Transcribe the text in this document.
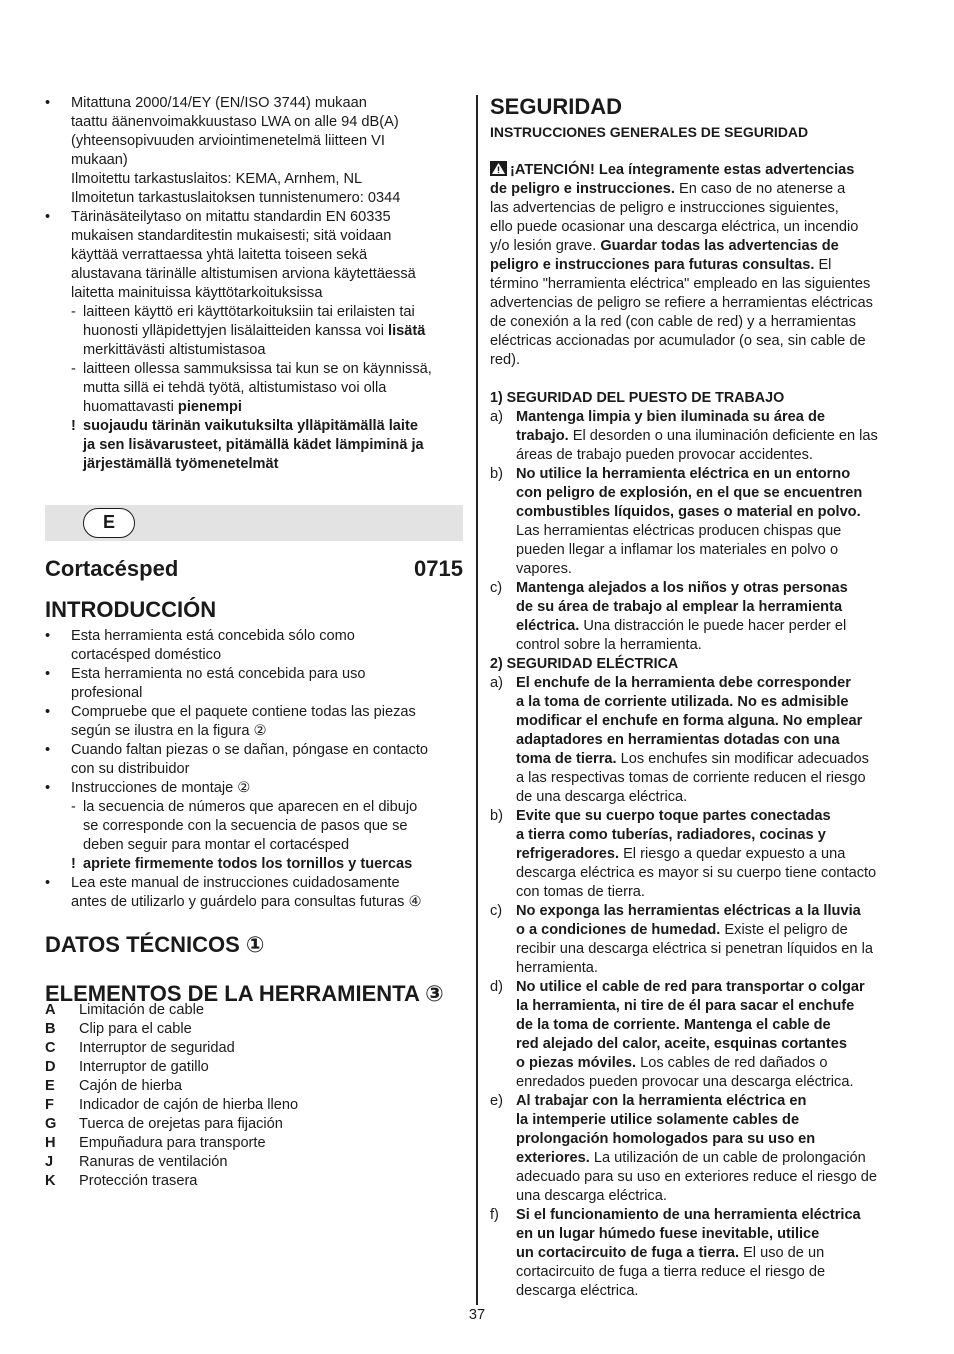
• Mitattuna 2000/14/EY (EN/ISO 3744) mukaan
taattu äänenvoimakkuustaso LWA on alle 94 dB(A)
(yhteensopivuuden arviointimenetelmä liitteen VI
mukaan)
Ilmoitettu tarkastuslaitos: KEMA, Arnhem, NL
Ilmoitetun tarkastuslaitoksen tunnistenumero: 0344
• Tärinäsäteilytaso on mitattu standardin EN 60335
mukaisen standarditestin mukaisesti; sitä voidaan
käyttää verrattaessa yhtä laitetta toiseen sekä
alustavana tärinälle altistumisen arviona käytettäessä
laitetta mainituissa käyttötarkoituksissa
- laitteen käyttö eri käyttötarkoituksiin tai erilaisten tai
huonosti ylläpidettyjen lisälaitteiden kanssa voi lisätä
merkittävästi altistumistasoa
- laitteen ollessa sammuksissa tai kun se on käynnissä,
mutta sillä ei tehdä työtä, altistumistaso voi olla
huomattavasti pienempi
! suojaudu tärinän vaikutuksilta ylläpitämällä laite
ja sen lisävarusteet, pitämällä kädet lämpiminä ja
järjestämällä työmenetelmät
E
Cortacésped	0715
INTRODUCCIÓN
• Esta herramienta está concebida sólo como
cortacésped doméstico
• Esta herramienta no está concebida para uso
profesional
• Compruebe que el paquete contiene todas las piezas
según se ilustra en la figura ②
• Cuando faltan piezas o se dañan, póngase en contacto
con su distribuidor
• Instrucciones de montaje ②
- la secuencia de números que aparecen en el dibujo
se corresponde con la secuencia de pasos que se
deben seguir para montar el cortacésped
! apriete firmemente todos los tornillos y tuercas
• Lea este manual de instrucciones cuidadosamente
antes de utilizarlo y guárdelo para consultas futuras ④
DATOS TÉCNICOS ①
ELEMENTOS DE LA HERRAMIENTA ③
A	Limitación de cable
B	Clip para el cable
C	Interruptor de seguridad
D	Interruptor de gatillo
E	Cajón de hierba
F	Indicador de cajón de hierba lleno
G	Tuerca de orejetas para fijación
H	Empuñadura para transporte
J	Ranuras de ventilación
K	Protección trasera
SEGURIDAD
INSTRUCCIONES GENERALES DE SEGURIDAD
¡ATENCIÓN! Lea íntegramente estas advertencias
de peligro e instrucciones. En caso de no atenerse a
las advertencias de peligro e instrucciones siguientes,
ello puede ocasionar una descarga eléctrica, un incendio
y/o lesión grave. Guardar todas las advertencias de
peligro e instrucciones para futuras consultas. El
término "herramienta eléctrica" empleado en las siguientes
advertencias de peligro se refiere a herramientas eléctricas
de conexión a la red (con cable de red) y a herramientas
eléctricas accionadas por acumulador (o sea, sin cable de
red).
1) SEGURIDAD DEL PUESTO DE TRABAJO
a) Mantenga limpia y bien iluminada su área de
trabajo. El desorden o una iluminación deficiente en las
áreas de trabajo pueden provocar accidentes.
b) No utilice la herramienta eléctrica en un entorno
con peligro de explosión, en el que se encuentren
combustibles líquidos, gases o material en polvo.
Las herramientas eléctricas producen chispas que
pueden llegar a inflamar los materiales en polvo o
vapores.
c) Mantenga alejados a los niños y otras personas
de su área de trabajo al emplear la herramienta
eléctrica. Una distracción le puede hacer perder el
control sobre la herramienta.
2) SEGURIDAD ELÉCTRICA
a) El enchufe de la herramienta debe corresponder
a la toma de corriente utilizada. No es admisible
modificar el enchufe en forma alguna. No emplear
adaptadores en herramientas dotadas con una
toma de tierra. Los enchufes sin modificar adecuados
a las respectivas tomas de corriente reducen el riesgo
de una descarga eléctrica.
b) Evite que su cuerpo toque partes conectadas
a tierra como tuberías, radiadores, cocinas y
refrigeradores. El riesgo a quedar expuesto a una
descarga eléctrica es mayor si su cuerpo tiene contacto
con tomas de tierra.
c) No exponga las herramientas eléctricas a la lluvia
o a condiciones de humedad. Existe el peligro de
recibir una descarga eléctrica si penetran líquidos en la
herramienta.
d) No utilice el cable de red para transportar o colgar
la herramienta, ni tire de él para sacar el enchufe
de la toma de corriente. Mantenga el cable de
red alejado del calor, aceite, esquinas cortantes
o piezas móviles. Los cables de red dañados o
enredados pueden provocar una descarga eléctrica.
e) Al trabajar con la herramienta eléctrica en
la intemperie utilice solamente cables de
prolongación homologados para su uso en
exteriores. La utilización de un cable de prolongación
adecuado para su uso en exteriores reduce el riesgo de
una descarga eléctrica.
f) Si el funcionamiento de una herramienta eléctrica
en un lugar húmedo fuese inevitable, utilice
un cortacircuito de fuga a tierra. El uso de un
cortacircuito de fuga a tierra reduce el riesgo de
descarga eléctrica.
37
